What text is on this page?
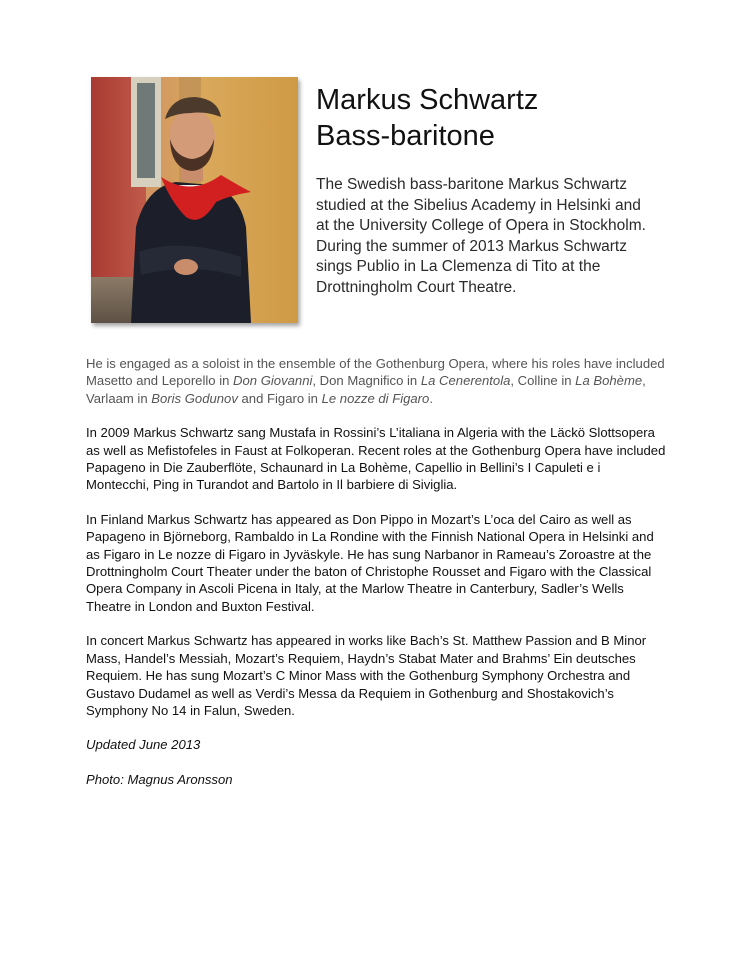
Markus Schwartz
Bass-baritone

The Swedish bass-baritone Markus Schwartz studied at the Sibelius Academy in Helsinki and at the University College of Opera in Stockholm. During the summer of 2013 Markus Schwartz sings Publio in La Clemenza di Tito at the Drottningholm Court Theatre.

He is engaged as a soloist in the ensemble of the Gothenburg Opera, where his roles have included Masetto and Leporello in Don Giovanni, Don Magnifico in La Cenerentola, Colline in La Bohème, Varlaam in Boris Godunov and Figaro in Le nozze di Figaro.

In 2009 Markus Schwartz sang Mustafa in Rossini’s L’italiana in Algeria with the Läckö Slottsopera as well as Mefistofeles in Faust at Folkoperan. Recent roles at the Gothenburg Opera have included Papageno in Die Zauberflöte, Schaunard in La Bohème, Capellio in Bellini’s I Capuleti e i Montecchi, Ping in Turandot and Bartolo in Il barbiere di Siviglia.

In Finland Markus Schwartz has appeared as Don Pippo in Mozart’s L’oca del Cairo as well as Papageno in Björneborg, Rambaldo in La Rondine with the Finnish National Opera in Helsinki and as Figaro in Le nozze di Figaro in Jyväskyle. He has sung Narbanor in Rameau’s Zoroastre at the Drottningholm Court Theater under the baton of Christophe Rousset and Figaro with the Classical Opera Company in Ascoli Picena in Italy, at the Marlow Theatre in Canterbury, Sadler’s Wells Theatre in London and Buxton Festival.

In concert Markus Schwartz has appeared in works like Bach’s St. Matthew Passion and B Minor Mass, Handel’s Messiah, Mozart’s Requiem, Haydn’s Stabat Mater and Brahms’ Ein deutsches Requiem. He has sung Mozart’s C Minor Mass with the Gothenburg Symphony Orchestra and Gustavo Dudamel as well as Verdi’s Messa da Requiem in Gothenburg and Shostakovich’s Symphony No 14 in Falun, Sweden.

Updated June 2013

Photo: Magnus Aronsson
